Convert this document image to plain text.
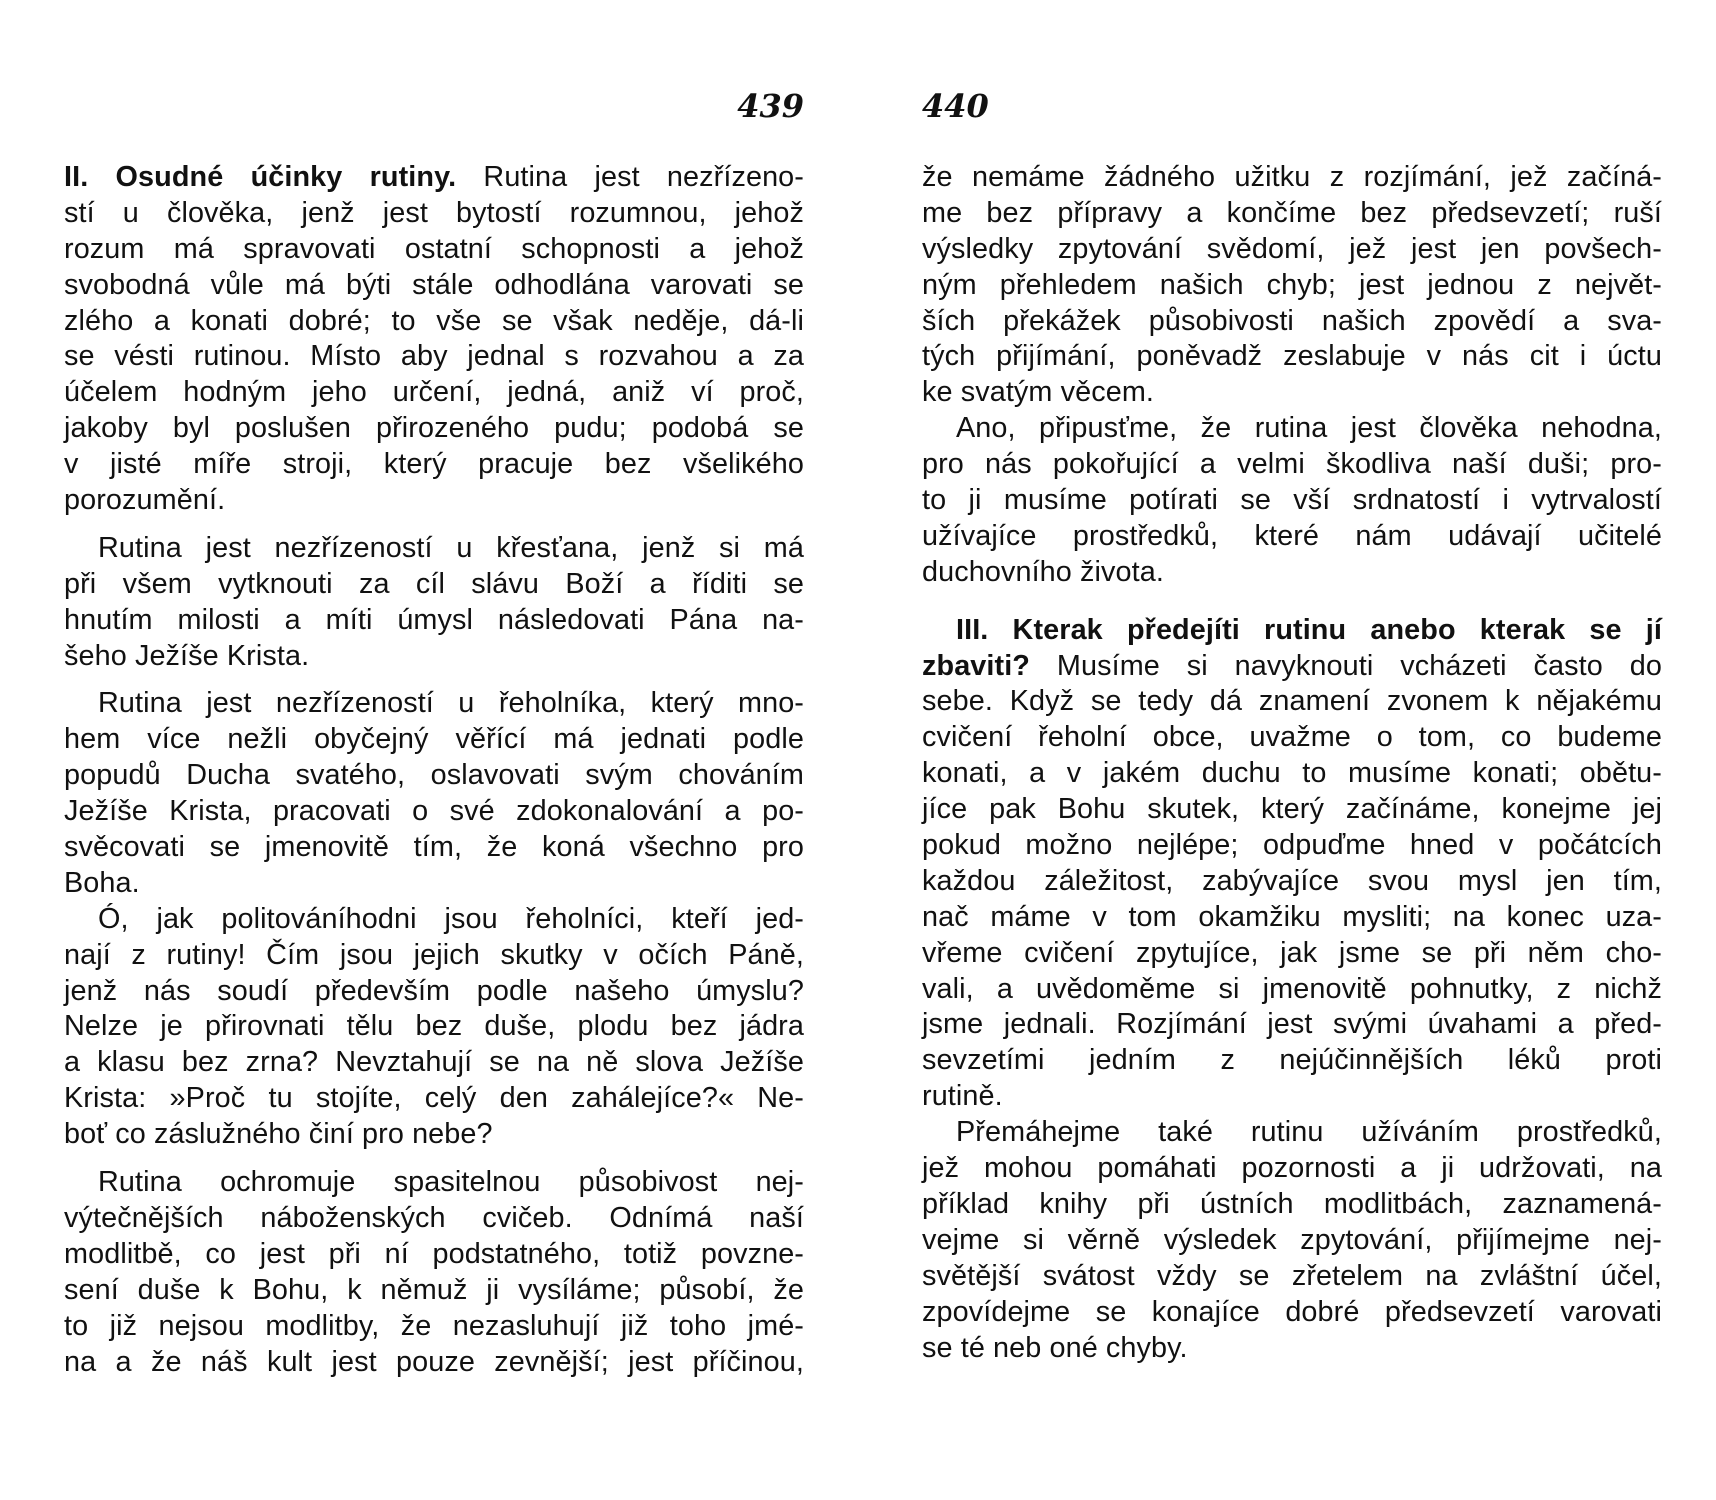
439
II. Osudné účinky rutiny. Rutina jest nezřízeno-
stí u člověka, jenž jest bytostí rozumnou, jehož
rozum má spravovati ostatní schopnosti a jehož
svobodná vůle má býti stále odhodlána varovati se
zlého a konati dobré; to vše se však neděje, dá-li
se vésti rutinou. Místo aby jednal s rozvahou a za
účelem hodným jeho určení, jedná, aniž ví proč,
jakoby byl poslušen přirozeného pudu; podobá se
v jisté míře stroji, který pracuje bez všelikého
porozumění.
Rutina jest nezřízeností u křesťana, jenž si má
při všem vytknouti za cíl slávu Boží a říditi se
hnutím milosti a míti úmysl následovati Pána na-
šeho Ježíše Krista.
Rutina jest nezřízeností u řeholníka, který mno-
hem více nežli obyčejný věřící má jednati podle
popudů Ducha svatého, oslavovati svým chováním
Ježíše Krista, pracovati o své zdokonalování a po-
svěcovati se jmenovitě tím, že koná všechno pro
Boha.
Ó, jak politováníhodni jsou řeholníci, kteří jed-
nají z rutiny! Čím jsou jejich skutky v očích Páně,
jenž nás soudí především podle našeho úmyslu?
Nelze je přirovnati tělu bez duše, plodu bez jádra
a klasu bez zrna? Nevztahují se na ně slova Ježíše
Krista: »Proč tu stojíte, celý den zahálejíce?« Ne-
boť co záslužného činí pro nebe?
Rutina ochromuje spasitelnou působivost nej-
výtečnějších náboženských cvičeb. Odnímá naší
modlitbě, co jest při ní podstatného, totiž povzne-
sení duše k Bohu, k němuž ji vysíláme; působí, že
to již nejsou modlitby, že nezasluhují již toho jmé-
na a že náš kult jest pouze zevnější; jest příčinou,
440
že nemáme žádného užitku z rozjímání, jež začíná-
me bez přípravy a končíme bez předsevzetí; ruší
výsledky zpytování svědomí, jež jest jen povšech-
ným přehledem našich chyb; jest jednou z největ-
ších překážek působivosti našich zpovědí a sva-
tých přijímání, poněvadž zeslabuje v nás cit i úctu
ke svatým věcem.
Ano, připusťme, že rutina jest člověka nehodna,
pro nás pokořující a velmi škodliva naší duši; pro-
to ji musíme potírati se vší srdnatostí i vytrvalostí
užívajíce prostředků, které nám udávají učitelé
duchovního života.
III. Kterak předejíti rutinu anebo kterak se jí
zbaviti? Musíme si navyknouti vcházeti často do
sebe. Když se tedy dá znamení zvonem k nějakému
cvičení řeholní obce, uvažme o tom, co budeme
konati, a v jakém duchu to musíme konati; obětu-
jíce pak Bohu skutek, který začínáme, konejme jej
pokud možno nejlépe; odpuďme hned v počátcích
každou záležitost, zabývajíce svou mysl jen tím,
nač máme v tom okamžiku mysliti; na konec uza-
vřeme cvičení zpytujíce, jak jsme se při něm cho-
vali, a uvědoměme si jmenovitě pohnutky, z nichž
jsme jednali. Rozjímání jest svými úvahami a před-
sevzetími jedním z nejúčinnějších léků proti
rutině.
Přemáhejme také rutinu užíváním prostředků,
jež mohou pomáhati pozornosti a ji udržovati, na
příklad knihy při ústních modlitbách, zaznamená-
vejme si věrně výsledek zpytování, přijímejme nej-
světější svátost vždy se zřetelem na zvláštní účel,
zpovídejme se konajíce dobré předsevzetí varovati
se té neb oné chyby.
